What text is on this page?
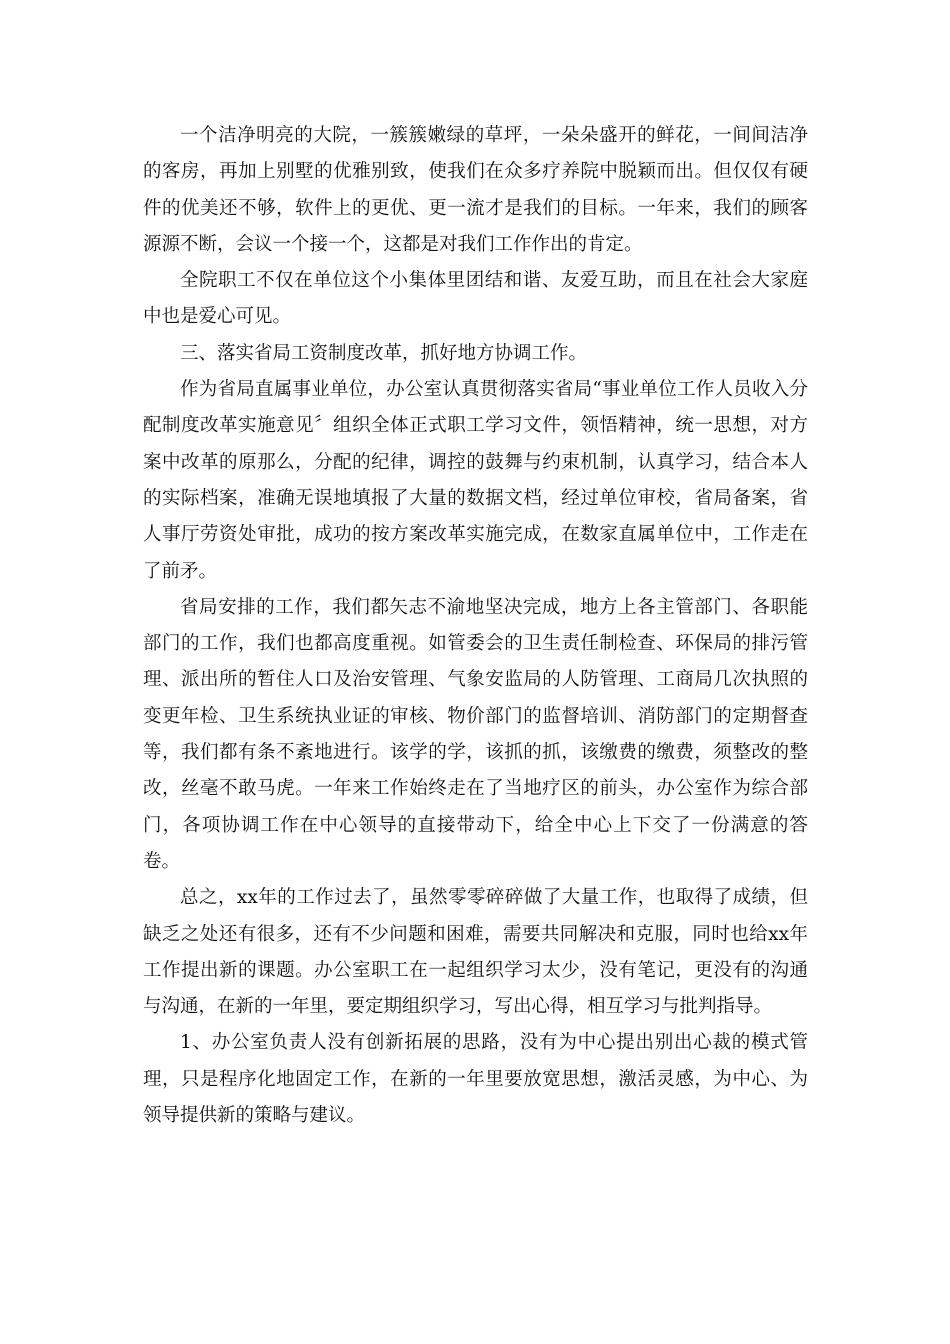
一个洁净明亮的大院，一簇簇嫩绿的草坪，一朵朵盛开的鲜花，一间间洁净的客房，再加上别墅的优雅别致，使我们在众多疗养院中脱颖而出。但仅仅有硬件的优美还不够，软件上的更优、更一流才是我们的目标。一年来，我们的顾客源源不断，会议一个接一个，这都是对我们工作作出的肯定。

全院职工不仅在单位这个小集体里团结和谐、友爱互助，而且在社会大家庭中也是爱心可见。

三、落实省局工资制度改革，抓好地方协调工作。

作为省局直属事业单位，办公室认真贯彻落实省局“事业单位工作人员收入分配制度改革实施意见〞组织全体正式职工学习文件，领悟精神，统一思想，对方案中改革的原那么，分配的纪律，调控的鼓舞与约束机制，认真学习，结合本人的实际档案，准确无误地填报了大量的数据文档，经过单位审校，省局备案，省人事厅劳资处审批，成功的按方案改革实施完成，在数家直属单位中，工作走在了前矛。

省局安排的工作，我们都矢志不渝地坚决完成，地方上各主管部门、各职能部门的工作，我们也都高度重视。如管委会的卫生责任制检查、环保局的排污管理、派出所的暂住人口及治安管理、气象安监局的人防管理、工商局几次执照的变更年检、卫生系统执业证的审核、物价部门的监督培训、消防部门的定期督查等，我们都有条不紊地进行。该学的学，该抓的抓，该缴费的缴费，须整改的整改，丝毫不敢马虎。一年来工作始终走在了当地疗区的前头，办公室作为综合部门，各项协调工作在中心领导的直接带动下，给全中心上下交了一份满意的答卷。

总之，xx年的工作过去了，虽然零零碎碎做了大量工作，也取得了成绩，但缺乏之处还有很多，还有不少问题和困难，需要共同解决和克服，同时也给xx年工作提出新的课题。办公室职工在一起组织学习太少，没有笔记，更没有的沟通与沟通，在新的一年里，要定期组织学习，写出心得，相互学习与批判指导。

1、办公室负责人没有创新拓展的思路，没有为中心提出别出心裁的模式管理，只是程序化地固定工作，在新的一年里要放宽思想，激活灵感，为中心、为领导提供新的策略与建议。
